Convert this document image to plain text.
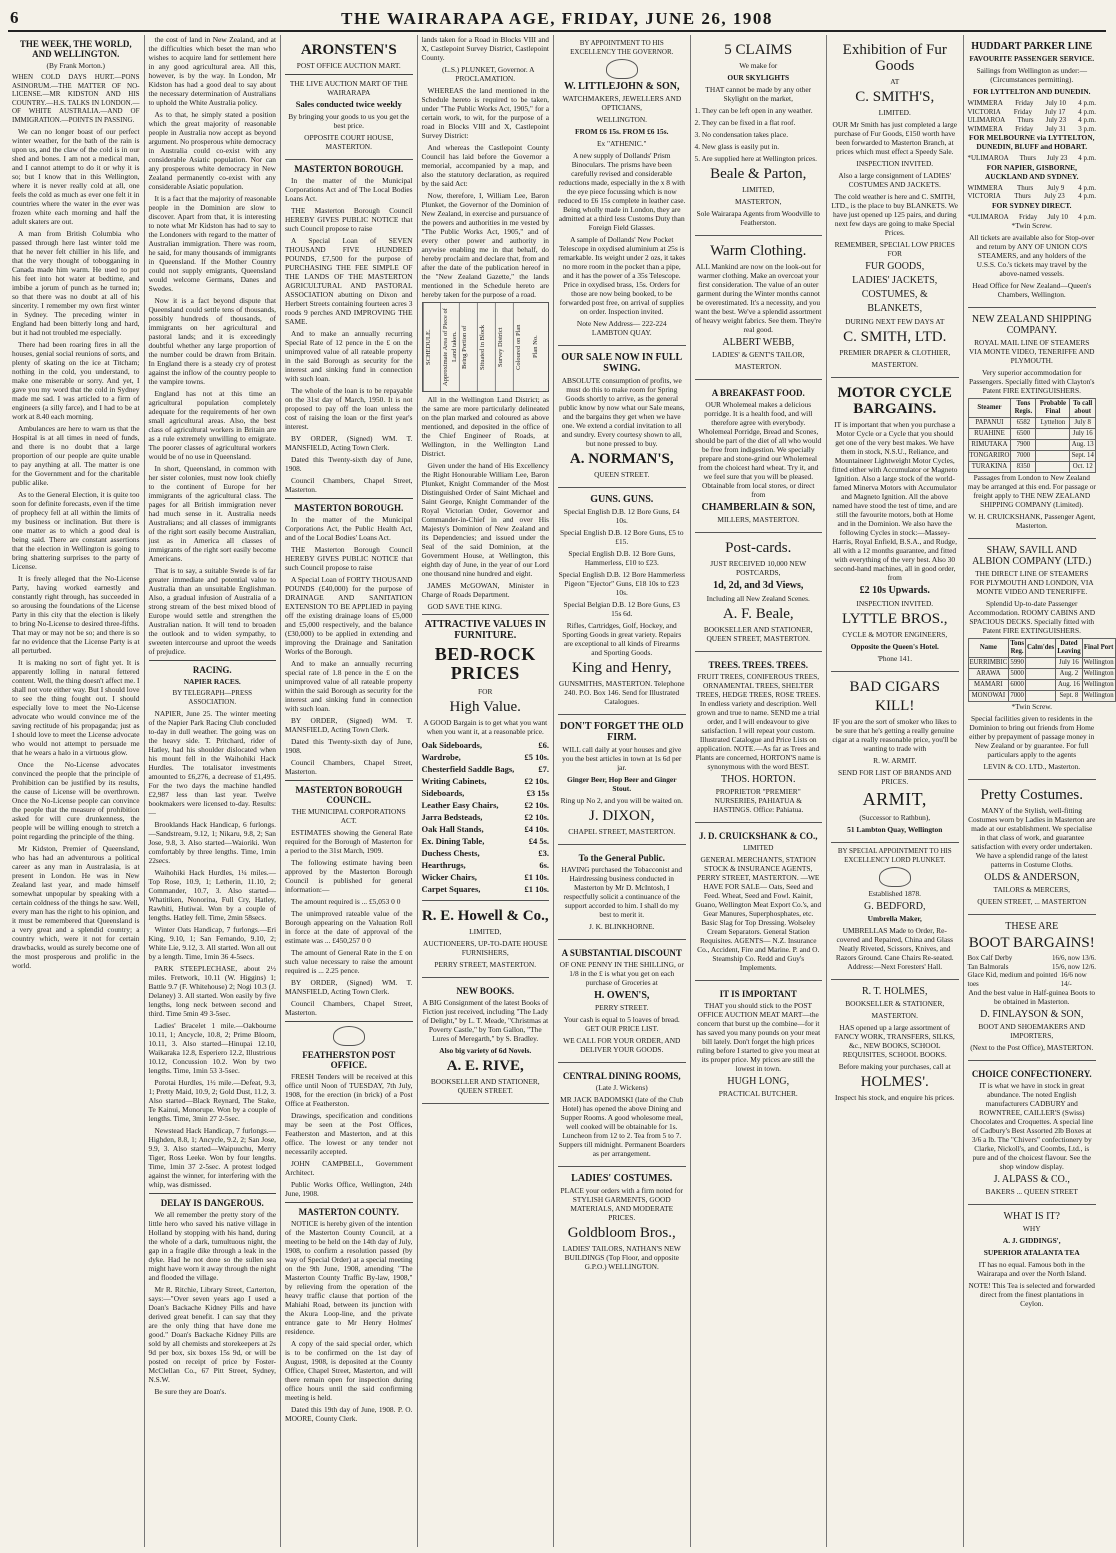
6	THE WAIRARAPA AGE, FRIDAY, JUNE 26, 1908
THE WEEK, THE WORLD, AND WELLINGTON.
(By Frank Morton.)

WHEN COLD DAYS HURT.—PONS ASINORUM.—THE MATTER OF NO-LICENSE.—MR KIDSTON AND HIS COUNTRY.—H.S. TALKS IN LONDON.—OF WHITE AUSTRALIA.—AND OF IMMIGRATION.—POINTS IN PASSING.

We can no longer boast of our perfect winter weather, for the bath of the rain is upon us, and the claw of the cold is in our shed and bones. I am not a medical man, and I cannot attempt to do it or why it is so; but I know that in this Wellington, where it is never really cold at all, one feels the cold as much as ever one felt it in countries where the water in the ever was frozen white each morning and half the adult skaters are out.

A man from British Columbia who passed through here last winter told me that he never felt chillier in his life, and that the very thought of tobogganing in Canada made him warm. He used to put his feet into hot water at bedtime, and imbibe a jorum of punch as he turned in; so that there was no doubt at all of his sincerity. I remember my own first winter in Sydney. The preceding winter in England had been bitterly long and hard, but it had not troubled me especially.

There had been roaring fires in all the houses, genial social reunions of sorts, and plenty of skating on the ice at Titcham; nothing in the cold, you understand, to make one miserable or sorry. And yet, I gave you my word that the cold in Sydney made me sad. I was articled to a firm of engineers (a silly farce), and I had to be at work at 8.40 each morning.

Ambulances are here to warn us that the Hospital is at all times in need of funds, and there is no doubt that a large proportion of our people are quite unable to pay anything at all. The matter is one for the Government and for the charitable public alike.

As to the General Election, it is quite too soon for definite forecasts, even if the time of prophecy fell at all within the limits of my business or inclination. But there is one matter as to which a good deal is being said. There are constant assertions that the election in Wellington is going to bring shattering surprises to the party of License.

It is freely alleged that the No-License Party, having worked earnestly and constantly right through, has succeeded in so arousing the foundations of the License Party in this city that the election is likely to bring No-License to desired three-fifths. That may or may not be so; and there is so far no evidence that the License Party is at all perturbed.

It is making no sort of fight yet. It is apparently lolling in natural fettered content. Well, the thing doesn't affect me. I shall not vote either way. But I should love to see the thing fought out. I should especially love to meet the No-License advocate who would convince me of the saving rectitude of his propaganda; just as I should love to meet the License advocate who would not attempt to persuade me that he wears a halo in a virtuous glow.

Once the No-License advocates convinced the people that the principle of Prohibition can be justified by its results, the cause of License will be overthrown. Once the No-License people can convince the people that the measure of prohibition asked for will cure drunkenness, the people will be willing enough to stretch a point regarding the principle of the thing.

Mr Kidston, Premier of Queensland, who has had an adventurous a political career as any man in Australasia, is at present in London. He was in New Zealand last year, and made himself somewhat unpopular by speaking with a certain coldness of the things he saw. Well, every man has the right to his opinion, and it must be remembered that Queensland is a very great and a splendid country; a country which, were it not for certain drawbacks, would as surely become one of the most prosperous and prolific in the world.

the cost of land in New Zealand, and at the difficulties which beset the man who wishes to acquire land for settlement here in any good agricultural area. All this, however, is by the way. In London, Mr Kidston has had a good deal to say about the necessary determination of Australians to uphold the White Australia policy.

As to that, he simply stated a position which the great majority of reasonable people in Australia now accept as beyond argument. No prosperous white democracy in Australia could co-exist with any considerable Asiatic population. Nor can any prosperous white democracy in New Zealand permanently co-exist with any considerable Asiatic population.

It is a fact that the majority of reasonable people in the Dominion are slow to discover. Apart from that, it is interesting to note what Mr Kidston has had to say to the Londoners with regard to the matter of Australian immigration. There was room, he said, for many thousands of immigrants in Queensland. If the Mother Country could not supply emigrants, Queensland would welcome Germans, Danes and Swedes.

Now it is a fact beyond dispute that Queensland could settle tens of thousands, possibly hundreds of thousands, of immigrants on her agricultural and pastoral lands; and it is exceedingly doubtful whether any large proportion of the number could be drawn from Britain. In England there is a steady cry of protest against the inflow of the country people to the vampire towns.

England has not at this time an agricultural population completely adequate for the requirements of her own small agricultural areas. Also, the best class of agricultural workers in Britain are as a rule extremely unwilling to emigrate. The poorer classes of agricultural workers would be of no use in Queensland.

In short, Queensland, in common with her sister colonies, must now look chiefly to the continent of Europe for her immigrants of the agricultural class. The pages for all British immigration never had much sense in it. Australia needs Australians; and all classes of immigrants of the right sort easily become Australian, just as in America all classes of immigrants of the right sort easily become Americans.

That is to say, a suitable Swede is of far greater immediate and potential value to Australia than an unsuitable Englishman. Also, a gradual infusion of Australia of a strong stream of the best mixed blood of Europe would settle and strengthen the Australian nation. It will tend to broaden the outlook and to widen sympathy, to sweeten intercourse and uproot the weeds of prejudice.

RACING.
NAPIER RACES.
BY TELEGRAPH—PRESS ASSOCIATION.

NAPIER, June 25. The winter meeting of the Napier Park Racing Club concluded to-day in dull weather. The going was on the heavy side. T. Pritchard, rider of Hatley, had his shoulder dislocated when his mount fell in the Waihohiki Hack Hurdles. The totalisator investments amounted to £6,276, a decrease of £1,495. For the two days the machine handled £2,987 less than last year. Twelve bookmakers were licensed to-day. Results:—

Brooklands Hack Handicap, 6 furlongs.—Sandstream, 9.12, 1; Nikaru, 9.8, 2; San Jose, 9.8, 3. Also started—Waioriki. Won comfortably by three lengths. Time, 1min 22secs.

Waihohiki Hack Hurdles, 1¼ miles.—Top Rose, 10.9, 1; Letherin, 11.10, 2; Commander, 10.7, 3. Also started—Whatitiken, Nonorina, Full Cry, Hatley, Rawhiti, Hutiwai. Won by a couple of lengths. Hatley fell. Time, 2min 58secs.

Winter Oats Handicap, 7 furlongs.—Eri King, 9.10, 1; San Fernando, 9.10, 2; White Lie, 9.12, 3. All started. Won all out by a length. Time, 1min 36 4-5secs.

PARK STEEPLECHASE, about 2½ miles. Fretwork, 10.11 (W. Higgins) 1; Battle 9.7 (F. Whitehouse) 2; Nogi 10.3 (J. Delaney) 3. All started. Won easily by five lengths, long neck between second and third. Time 5min 49 3-5sec.

Ladies' Bracelet 1 mile.—Oakbourne 10.11, 1; Ancycle, 10.8, 2; Prime Bloom, 10.11, 3. Also started—Hinupai 12.10, Waikaraka 12.8, Esperiero 12.2, Illustrious 10.12, Concussion 10.2. Won by two lengths. Time, 1min 53 3-5sec.

Porotai Hurdles, 1½ mile.—Defeat, 9.3, 1; Pretty Maid, 10.9, 2; Gold Dust, 11.2, 3. Also started—Black Reynard, The Stake, Te Kainui, Monorupe. Won by a couple of lengths. Time, 3min 27 2-5sec.

Newstead Hack Handicap, 7 furlongs.—Highden, 8.8, 1; Ancycle, 9.2, 2; San Jose, 9.9, 3. Also started—Waipuuchu, Merry Tiger, Ross Leeke. Won by four lengths. Time, 1min 37 2-5sec. A protest lodged against the winner, for interfering with the whip, was dismissed.

DELAY IS DANGEROUS.

We all remember the pretty story of the little hero who saved his native village in Holland by stopping with his hand, during the whole of a dark, tumultuous night, the gap in a fragile dike through a leak in the dyke. Had he not done so the sullen sea might have worn it away through the night and flooded the village.

Mr R. Ritchie, Library Street, Carterton, says:—"Over seven years ago I used a Doan's Backache Kidney Pills and have derived great benefit. I can say that they are the only thing that have done me good." Doan's Backache Kidney Pills are sold by all chemists and storekeepers at 2s 9d per box, six boxes 15s 9d, or will be posted on receipt of price by Foster-McClellan Co., 67 Pitt Street, Sydney, N.S.W.

Be sure they are Doan's.

ARONSTEN'S

POST OFFICE AUCTION MART.

THE LIVE AUCTION MART OF THE WAIRARAPA

Sales conducted twice weekly

By bringing your goods to us you get the best price.

OPPOSITE COURT HOUSE, MASTERTON.

MASTERTON BOROUGH.

In the matter of the Municipal Corporations Act and of The Local Bodies Loans Act.

THE Masterton Borough Council HEREBY GIVES PUBLIC NOTICE that such Council propose to raise

A Special Loan of SEVEN THOUSAND FIVE HUNDRED POUNDS, £7,500 for the purpose of PURCHASING THE FEE SIMPLE OF THE LANDS OF THE MASTERTON AGRICULTURAL AND PASTORAL ASSOCIATION abutting on Dixon and Herbert Streets containing fourteen acres 3 roods 9 perches AND IMPROVING THE SAME.

And to make an annually recurring Special Rate of 12 pence in the £ on the unimproved value of all rateable property in the said Borough as security for the interest and sinking fund in connection with such loan.

The whole of the loan is to be repayable on the 31st day of March, 1950. It is not proposed to pay off the loan unless the cost of raising the loan or the first year's interest.

BY ORDER, (Signed) WM. T. MANSFIELD, Acting Town Clerk.

Dated this Twenty-sixth day of June, 1908.

Council Chambers, Chapel Street, Masterton.

MASTERTON BOROUGH.

In the matter of the Municipal Corporations Act, the Public Health Act, and of the Local Bodies' Loans Act.

THE Masterton Borough Council HEREBY GIVES PUBLIC NOTICE that such Council propose to raise

A Special Loan of FORTY THOUSAND POUNDS (£40,000) for the purpose of DRAINAGE AND SANITATION EXTENSION TO BE APPLIED in paying off the existing drainage loans of £5,000 and £5,000 respectively, and the balance (£30,000) to be applied in extending and improving the Drainage and Sanitation Works of the Borough.

And to make an annually recurring special rate of 1.8 pence in the £ on the unimproved value of all rateable property within the said Borough as security for the interest and sinking fund in connection with such loan.

BY ORDER, (Signed) WM. T. MANSFIELD, Acting Town Clerk.

Dated this Twenty-sixth day of June, 1908.

Council Chambers, Chapel Street, Masterton.

MASTERTON BOROUGH COUNCIL.
THE MUNICIPAL CORPORATIONS ACT.

ESTIMATES showing the General Rate required for the Borough of Masterton for a period to the 31st March, 1909.

The following estimate having been approved by the Masterton Borough Council is published for general information:—

The amount required is ... £5,053 0 0

The unimproved rateable value of the Borough appearing on the Valuation Roll in force at the date of approval of the estimate was ... £450,257 0 0

The amount of General Rate in the £ on such value necessary to raise the amount required is ... 2.25 pence.

BY ORDER, (Signed) WM. T. MANSFIELD, Acting Town Clerk.

Council Chambers, Chapel Street, Masterton.

FEATHERSTON POST OFFICE.

FRESH Tenders will be received at this office until Noon of TUESDAY, 7th July, 1908, for the erection (in brick) of a Post Office at Featherston.

Drawings, specification and conditions may be seen at the Post Offices, Featherston and Masterton, and at this office. The lowest or any tender not necessarily accepted.

JOHN CAMPBELL, Government Architect.

Public Works Office, Wellington, 24th June, 1908.

MASTERTON COUNTY.

NOTICE is hereby given of the intention of the Masterton County Council, at a meeting to be held on the 14th day of July, 1908, to confirm a resolution passed (by way of Special Order) at a special meeting on the 9th June, 1908, amending "The Masterton County Traffic By-law, 1908," by relieving from the operation of the heavy traffic clause that portion of the Mahiahi Road, between its junction with the Akura Loop-line, and the private entrance gate to Mr Henry Holmes' residence.

A copy of the said special order, which is to be confirmed on the 1st day of August, 1908, is deposited at the County Office, Chapel Street, Masterton, and will there remain open for inspection during office hours until the said confirming meeting is held.

Dated this 19th day of June, 1908. P. O. MOORE, County Clerk.

lands taken for a Road in Blocks VIII and X, Castlepoint Survey District, Castlepoint County.

(L.S.) PLUNKET, Governor. A PROCLAMATION.

WHEREAS the land mentioned in the Schedule hereto is required to be taken, under "The Public Works Act, 1905," for a certain work, to wit, for the purpose of a road in Blocks VIII and X, Castlepoint Survey District:

And whereas the Castlepoint County Council has laid before the Governor a memorial, accompanied by a map, and also the statutory declaration, as required by the said Act:

Now, therefore, I, William Lee, Baron Plunket, the Governor of the Dominion of New Zealand, in exercise and pursuance of the powers and authorities in me vested by "The Public Works Act, 1905," and of every other power and authority in anywise enabling me in that behalf, do hereby proclaim and declare that, from and after the date of the publication hereof in the "New Zealand Gazette," the lands mentioned in the Schedule hereto are hereby taken for the purpose of a road.

SCHEDULE.	Approximate Area of Piece of Land taken. Being Portion of	Situated in Block	Survey District	Coloured on Plan	Plan No.

All in the Wellington Land District; as the same are more particularly delineated on the plan marked and coloured as above mentioned, and deposited in the office of the Chief Engineer of Roads, at Wellington, in the Wellington Land District.

Given under the hand of His Excellency the Right Honourable William Lee, Baron Plunket, Knight Commander of the Most Distinguished Order of Saint Michael and Saint George, Knight Commander of the Royal Victorian Order, Governor and Commander-in-Chief in and over His Majesty's Dominion of New Zealand and its Dependencies; and issued under the Seal of the said Dominion, at the Government House, at Wellington, this eighth day of June, in the year of our Lord one thousand nine hundred and eight.

JAMES McGOWAN, Minister in Charge of Roads Department.

GOD SAVE THE KING.

ATTRACTIVE VALUES IN FURNITURE.

BED-ROCK PRICES

FOR

High Value.

A GOOD Bargain is to get what you want when you want it, at a reasonable price.

Oak Sideboards,	£6.
Wardrobe,	£5 10s.
Chesterfield Saddle Bags,	£7.
Writing Cabinets,	£2 10s.
Sideboards,	£3 15s
Leather Easy Chairs,	£2 10s.
Jarra Bedsteads,	£2 10s.
Oak Hall Stands,	£4 10s.
Ex. Dining Table,	£4 5s.
Duchess Chests,	£3.
Hearthrugs,	6s.
Wicker Chairs,	£1 10s.
Carpet Squares,	£1 10s.
R. E. Howell & Co.,

LIMITED,

AUCTIONEERS, UP-TO-DATE HOUSE FURNISHERS,

PERRY STREET, MASTERTON.

NEW BOOKS.

A BIG Consignment of the latest Books of Fiction just received, including "The Lady of Delight," by L. T. Meade, "Christmas at Poverty Castle," by Tom Gallon, "The Lures of Meregarth," by S. Bradley.

Also big variety of 6d Novels.

A. E. RIVE,

BOOKSELLER AND STATIONER, QUEEN STREET.

BY APPOINTMENT TO HIS EXCELLENCY THE GOVERNOR.

W. LITTLEJOHN & SON,

WATCHMAKERS, JEWELLERS AND OPTICIANS,

WELLINGTON.

FROM £6 15s. FROM £6 15s.

Ex "ATHENIC."

A new supply of Dollands' Prism Binoculars. The prisms have been carefully revised and considerable reductions made, especially in the x 8 with the eye piece focussing which is now reduced to £6 15s complete in leather case. Being wholly made in London, they are admitted at a third less Customs Duty than Foreign Field Glasses.

A sample of Dollands' New Pocket Telescope in oxydised aluminium at 25s is remarkable. Its weight under 2 ozs, it takes no more room in the pocket than a pipe, and it has the power of a 35s Telescope. Price in oxydised brass, 15s. Orders for those are now being booked, to be forwarded post free, on arrival of supplies on order. Inspection invited.

Note New Address— 222-224 LAMBTON QUAY.

OUR SALE NOW IN FULL SWING.

ABSOLUTE consumption of profits, we must do this to make room for Spring Goods shortly to arrive, as the general public know by now what our Sale means, and the bargains they get when we have one. We extend a cordial invitation to all and sundry. Every courtesy shown to all, but none pressed to buy.

A. NORMAN'S,

QUEEN STREET.

GUNS. GUNS.

Special English D.B. 12 Bore Guns, £4 10s.

Special English D.B. 12 Bore Guns, £5 to £15.

Special English D.B. 12 Bore Guns, Hammerless, £10 to £23.

Special English D.B. 12 Bore Hammerless Pigeon "Ejector" Guns, £18 10s to £23 10s.

Special Belgian D.B. 12 Bore Guns, £3 15s 6d.

Rifles, Cartridges, Golf, Hockey, and Sporting Goods in great variety. Repairs are exceptional to all kinds of Firearms and Sporting Goods.

King and Henry,

GUNSMITHS, MASTERTON. Telephone 240. P.O. Box 146. Send for Illustrated Catalogues.

DON'T FORGET THE OLD FIRM.

WILL call daily at your houses and give you the best articles in town at 1s 6d per jar.

Ginger Beer, Hop Beer and Ginger Stout.

Ring up No 2, and you will be waited on.

J. DIXON,

CHAPEL STREET, MASTERTON.

To the General Public.

HAVING purchased the Tobacconist and Hairdressing business conducted in Masterton by Mr D. McIntosh, I respectfully solicit a continuance of the support accorded to him. I shall do my best to merit it.

J. K. BLINKHORNE.

A SUBSTANTIAL DISCOUNT

OF ONE PENNY IN THE SHILLING, or 1/8 in the £ is what you get on each purchase of Groceries at

H. OWEN'S,

PERRY STREET.

Your cash is equal to 5 loaves of bread. GET OUR PRICE LIST.

WE CALL FOR YOUR ORDER, AND DELIVER YOUR GOODS.

CENTRAL DINING ROOMS,

(Late J. Wickens)

MR JACK BADOMSKI (late of the Club Hotel) has opened the above Dining and Supper Rooms. A good wholesome meal, well cooked will be obtainable for 1s. Luncheon from 12 to 2. Tea from 5 to 7. Suppers till midnight. Permanent Boarders as per arrangement.

LADIES' COSTUMES.

PLACE your orders with a firm noted for STYLISH GARMENTS, GOOD MATERIALS, AND MODERATE PRICES.

Goldbloom Bros.,

LADIES' TAILORS, NATHAN'S NEW BUILDINGS (Top Floor, and opposite G.P.O.) WELLINGTON.

5 CLAIMS

We make for

OUR SKYLIGHTS

THAT cannot be made by any other Skylight on the market,

1. They can be left open in any weather.
2. They can be fixed in a flat roof.
3. No condensation takes place.
4. New glass is easily put in.
5. Are supplied here at Wellington prices.
Beale & Parton,

LIMITED,

MASTERTON,

Sole Wairarapa Agents from Woodville to Featherston.

Warm Clothing.

ALL Mankind are now on the look-out for warmer clothing. Make an overcoat your first consideration. The value of an outer garment during the Winter months cannot be overestimated. It's a necessity, and you want the best. We've a splendid assortment of heavy weight fabrics. See them. They're real good.

ALBERT WEBB,

LADIES' & GENT'S TAILOR,

MASTERTON.

A BREAKFAST FOOD.

OUR Wholemeal makes a delicious porridge. It is a health food, and will therefore agree with everybody. Wholemeal Porridge, Bread and Scones, should be part of the diet of all who would be free from indigestion. We specially prepare and stone-grind our Wholemeal from the choicest hard wheat. Try it, and we feel sure that you will be pleased. Obtainable from local stores, or direct from

CHAMBERLAIN & SON,

MILLERS, MASTERTON.

Post-cards.

JUST RECEIVED 10,000 NEW POSTCARDS,

1d, 2d, and 3d Views,

Including all New Zealand Scenes.

A. F. Beale,

BOOKSELLER AND STATIONER, QUEEN STREET, MASTERTON.

TREES. TREES. TREES.

FRUIT TREES, CONIFEROUS TREES, ORNAMENTAL TREES, SHELTER TREES, HEDGE TREES, ROSE TREES. In endless variety and description. Well grown and true to name. SEND me a trial order, and I will endeavour to give satisfaction. I will repeat your custom. Illustrated Catalogue and Price Lists on application. NOTE.—As far as Trees and Plants are concerned, HORTON'S name is synonymous with the word BEST.

THOS. HORTON.

PROPRIETOR "PREMIER" NURSERIES, PAHIATUA & HASTINGS. Office: Pahiatua.

J. D. CRUICKSHANK & CO.,

LIMITED

GENERAL MERCHANTS, STATION STOCK & INSURANCE AGENTS, PERRY STREET, MASTERTON. —WE HAVE FOR SALE— Oats, Seed and Feed. Wheat, Seed and Fowl. Kainit, Guano, Wellington Meat Export Co.'s, and Gear Manures, Superphosphates, etc. Basic Slag for Top Dressing. Wolseley Cream Separators. General Station Requisites. AGENTS— N.Z. Insurance Co., Accident, Fire and Marine. P. and O. Steamship Co. Redd and Guy's Implements.

IT IS IMPORTANT

THAT you should stick to the POST OFFICE AUCTION MEAT MART—the concern that burst up the combine—for it has saved you many pounds on your meat bill lately. Don't forget the high prices ruling before I started to give you meat at its proper price. My prices are still the lowest in town.

HUGH LONG,

PRACTICAL BUTCHER.

Exhibition of Fur Goods

AT

C. SMITH'S,

LIMITED.

OUR Mr Smith has just completed a large purchase of Fur Goods, £150 worth have been forwarded to Masterton Branch, at prices which must effect a Speedy Sale.

INSPECTION INVITED.

Also a large consignment of LADIES' COSTUMES AND JACKETS.

The cold weather is here and C. SMITH, LTD., is the place to buy BLANKETS. We have just opened up 125 pairs, and during next few days are going to make Special Prices.

REMEMBER, SPECIAL LOW PRICES FOR

FUR GOODS,

LADIES' JACKETS,

COSTUMES, &

BLANKETS,

DURING NEXT FEW DAYS AT

C. SMITH, LTD.

PREMIER DRAPER & CLOTHIER,

MASTERTON.

MOTOR CYCLE BARGAINS.

IT is important that when you purchase a Motor Cycle or a Cycle that you should get one of the very best makes. We have them in stock, N.S.U., Reliance, and Mountaineer Lightweight Motor Cycles, fitted either with Accumulator or Magneto Ignition. Also a large stock of the world-famed Minerva Motors with Accumulator and Magneto Ignition. All the above named have stood the test of time, and are still the favourite motors, both at Home and in the Dominion. We also have the following Cycles in stock:—Massey-Harris, Royal Enfield, B.S.A., and Rudge, all with a 12 months guarantee, and fitted with everything of the very best. Also 30 second-hand machines, all in good order, from

£2 10s Upwards.

INSPECTION INVITED.

LYTTLE BROS.,

CYCLE & MOTOR ENGINEERS,

Opposite the Queen's Hotel.

'Phone 141.

BAD CIGARS
KILL!

IF you are the sort of smoker who likes to be sure that he's getting a really genuine cigar at a really reasonable price, you'll be wanting to trade with

R. W. ARMIT.

SEND FOR LIST OF BRANDS AND PRICES.

ARMIT,

(Successor to Rathbun),

51 Lambton Quay, Wellington

BY SPECIAL APPOINTMENT TO HIS EXCELLENCY LORD PLUNKET.

Established 1878.

G. BEDFORD,

Umbrella Maker,

UMBRELLAS Made to Order, Re-covered and Repaired, China and Glass Neatly Riveted, Scissors, Knives, and Razors Ground. Cane Chairs Re-seated. Address:—Next Foresters' Hall.

R. T. HOLMES,

BOOKSELLER & STATIONER,

MASTERTON.

HAS opened up a large assortment of FANCY WORK, TRANSFERS, SILKS, &c., NEW BOOKS, SCHOOL REQUISITES, SCHOOL BOOKS.

Before making your purchases, call at

HOLMES'.

Inspect his stock, and enquire his prices.

HUDDART PARKER LINE

FAVOURITE PASSENGER SERVICE.

Sailings from Wellington as under:— (Circumstances permitting).

FOR LYTTELTON AND DUNEDIN.

WIMMERA Friday July 10 4 p.m.
VICTORIA Friday July 17 4 p.m.
ULIMAROA Thurs July 23 4 p.m.
WIMMERA Friday July 31 3 p.m.

FOR MELBOURNE via LYTTELTON, DUNEDIN, BLUFF and HOBART.

*ULIMAROA Thurs July 23 4 p.m.

FOR NAPIER, GISBORNE, AUCKLAND AND SYDNEY.

WIMMERA Thurs July 9 4 p.m.
VICTORIA Thurs July 23 4 p.m.

FOR SYDNEY DIRECT.

*ULIMAROA Friday July 10 4 p.m.

*Twin Screw.

All tickets are available also for Stop-over and return by ANY OF UNION CO'S STEAMERS, and any holders of the U.S.S. Co.'s tickets may travel by the above-named vessels.

Head Office for New Zealand—Queen's Chambers, Wellington.

NEW ZEALAND SHIPPING COMPANY.

ROYAL MAIL LINE OF STEAMERS VIA MONTE VIDEO, TENERIFFE AND PLYMOUTH.

Very superior accommodation for Passengers. Specially fitted with Clayton's Patent FIRE EXTINGUISHERS.

Steamer	Tons Regis.	Probable Final	To call about
PAPANUI	6582	Lyttelton	July 8
RUAHINE	6500		July 16
RIMUTAKA	7900		Aug. 13
TONGARIRO	7000		Sept. 14
TURAKINA	8350		Oct. 12

Passages from London to New Zealand may be arranged at this end. For passage or freight apply to THE NEW ZEALAND SHIPPING COMPANY (Limited).

W. H. CRUICKSHANK, Passenger Agent, Masterton.

SHAW, SAVILL AND ALBION COMPANY (LTD.)

THE DIRECT LINE OF STEAMERS FOR PLYMOUTH AND LONDON, VIA MONTE VIDEO AND TENERIFFE.

Splendid Up-to-date Passenger Accommodation. ROOMY CABINS AND SPACIOUS DECKS. Specially fitted with Patent FIRE EXTINGUISHERS.

Name	Tons Reg.	Calm'des	Dated Leaving	Final Port
EURRIMBIC	5990		July 16	Wellington
ARAWA	5000		Aug. 2	Wellington
MAMARI	6000		Aug. 16	Wellington
MONOWAI	7000		Sept. 8	Wellington

*Twin Screw.

Special facilities given to residents in the Dominion to bring out friends from Home either by prepayment of passage money in New Zealand or by guarantee. For full particulars apply to the agents

LEVIN & CO. LTD., Masterton.

Pretty Costumes.

MANY of the Stylish, well-fitting Costumes worn by Ladies in Masterton are made at our establishment. We specialise in that class of work, and guarantee satisfaction with every order undertaken. We have a splendid range of the latest patterns in Costume Cloths.

OLDS & ANDERSON,

TAILORS & MERCERS,

QUEEN STREET, ... MASTERTON

THESE ARE
BOOT BARGAINS!
Box Calf Derby	16/6, now 13/6.
Tan Balmorals	15/6, now 12/6.
Glace Kid, medium and pointed toes
16/6 now 14/-

And the best value in Half-guinea Boots to be obtained in Masterton.

D. FINLAYSON & SON,

BOOT AND SHOEMAKERS AND IMPORTERS,

(Next to the Post Office), MASTERTON.

CHOICE CONFECTIONERY.

IT is what we have in stock in great abundance. The noted English manufacturers CADBURY and ROWNTREE, CAILLER'S (Swiss) Chocolates and Croquettes. A special line of Cadbury's Best Assorted 2lb Boxes at 3/6 a lb. The "Chivers" confectionery by Clarke, Nickoll's, and Coombs, Ltd., is pure and of the choicest flavour. See the shop window display.

J. ALPASS & CO.,

BAKERS ... QUEEN STREET

WHAT IS IT?

WHY

A. J. GIDDINGS',

SUPERIOR ATALANTA TEA

IT has no equal. Famous both in the Wairarapa and over the North Island.

NOTE! This Tea is selected and forwarded direct from the finest plantations in Ceylon.
